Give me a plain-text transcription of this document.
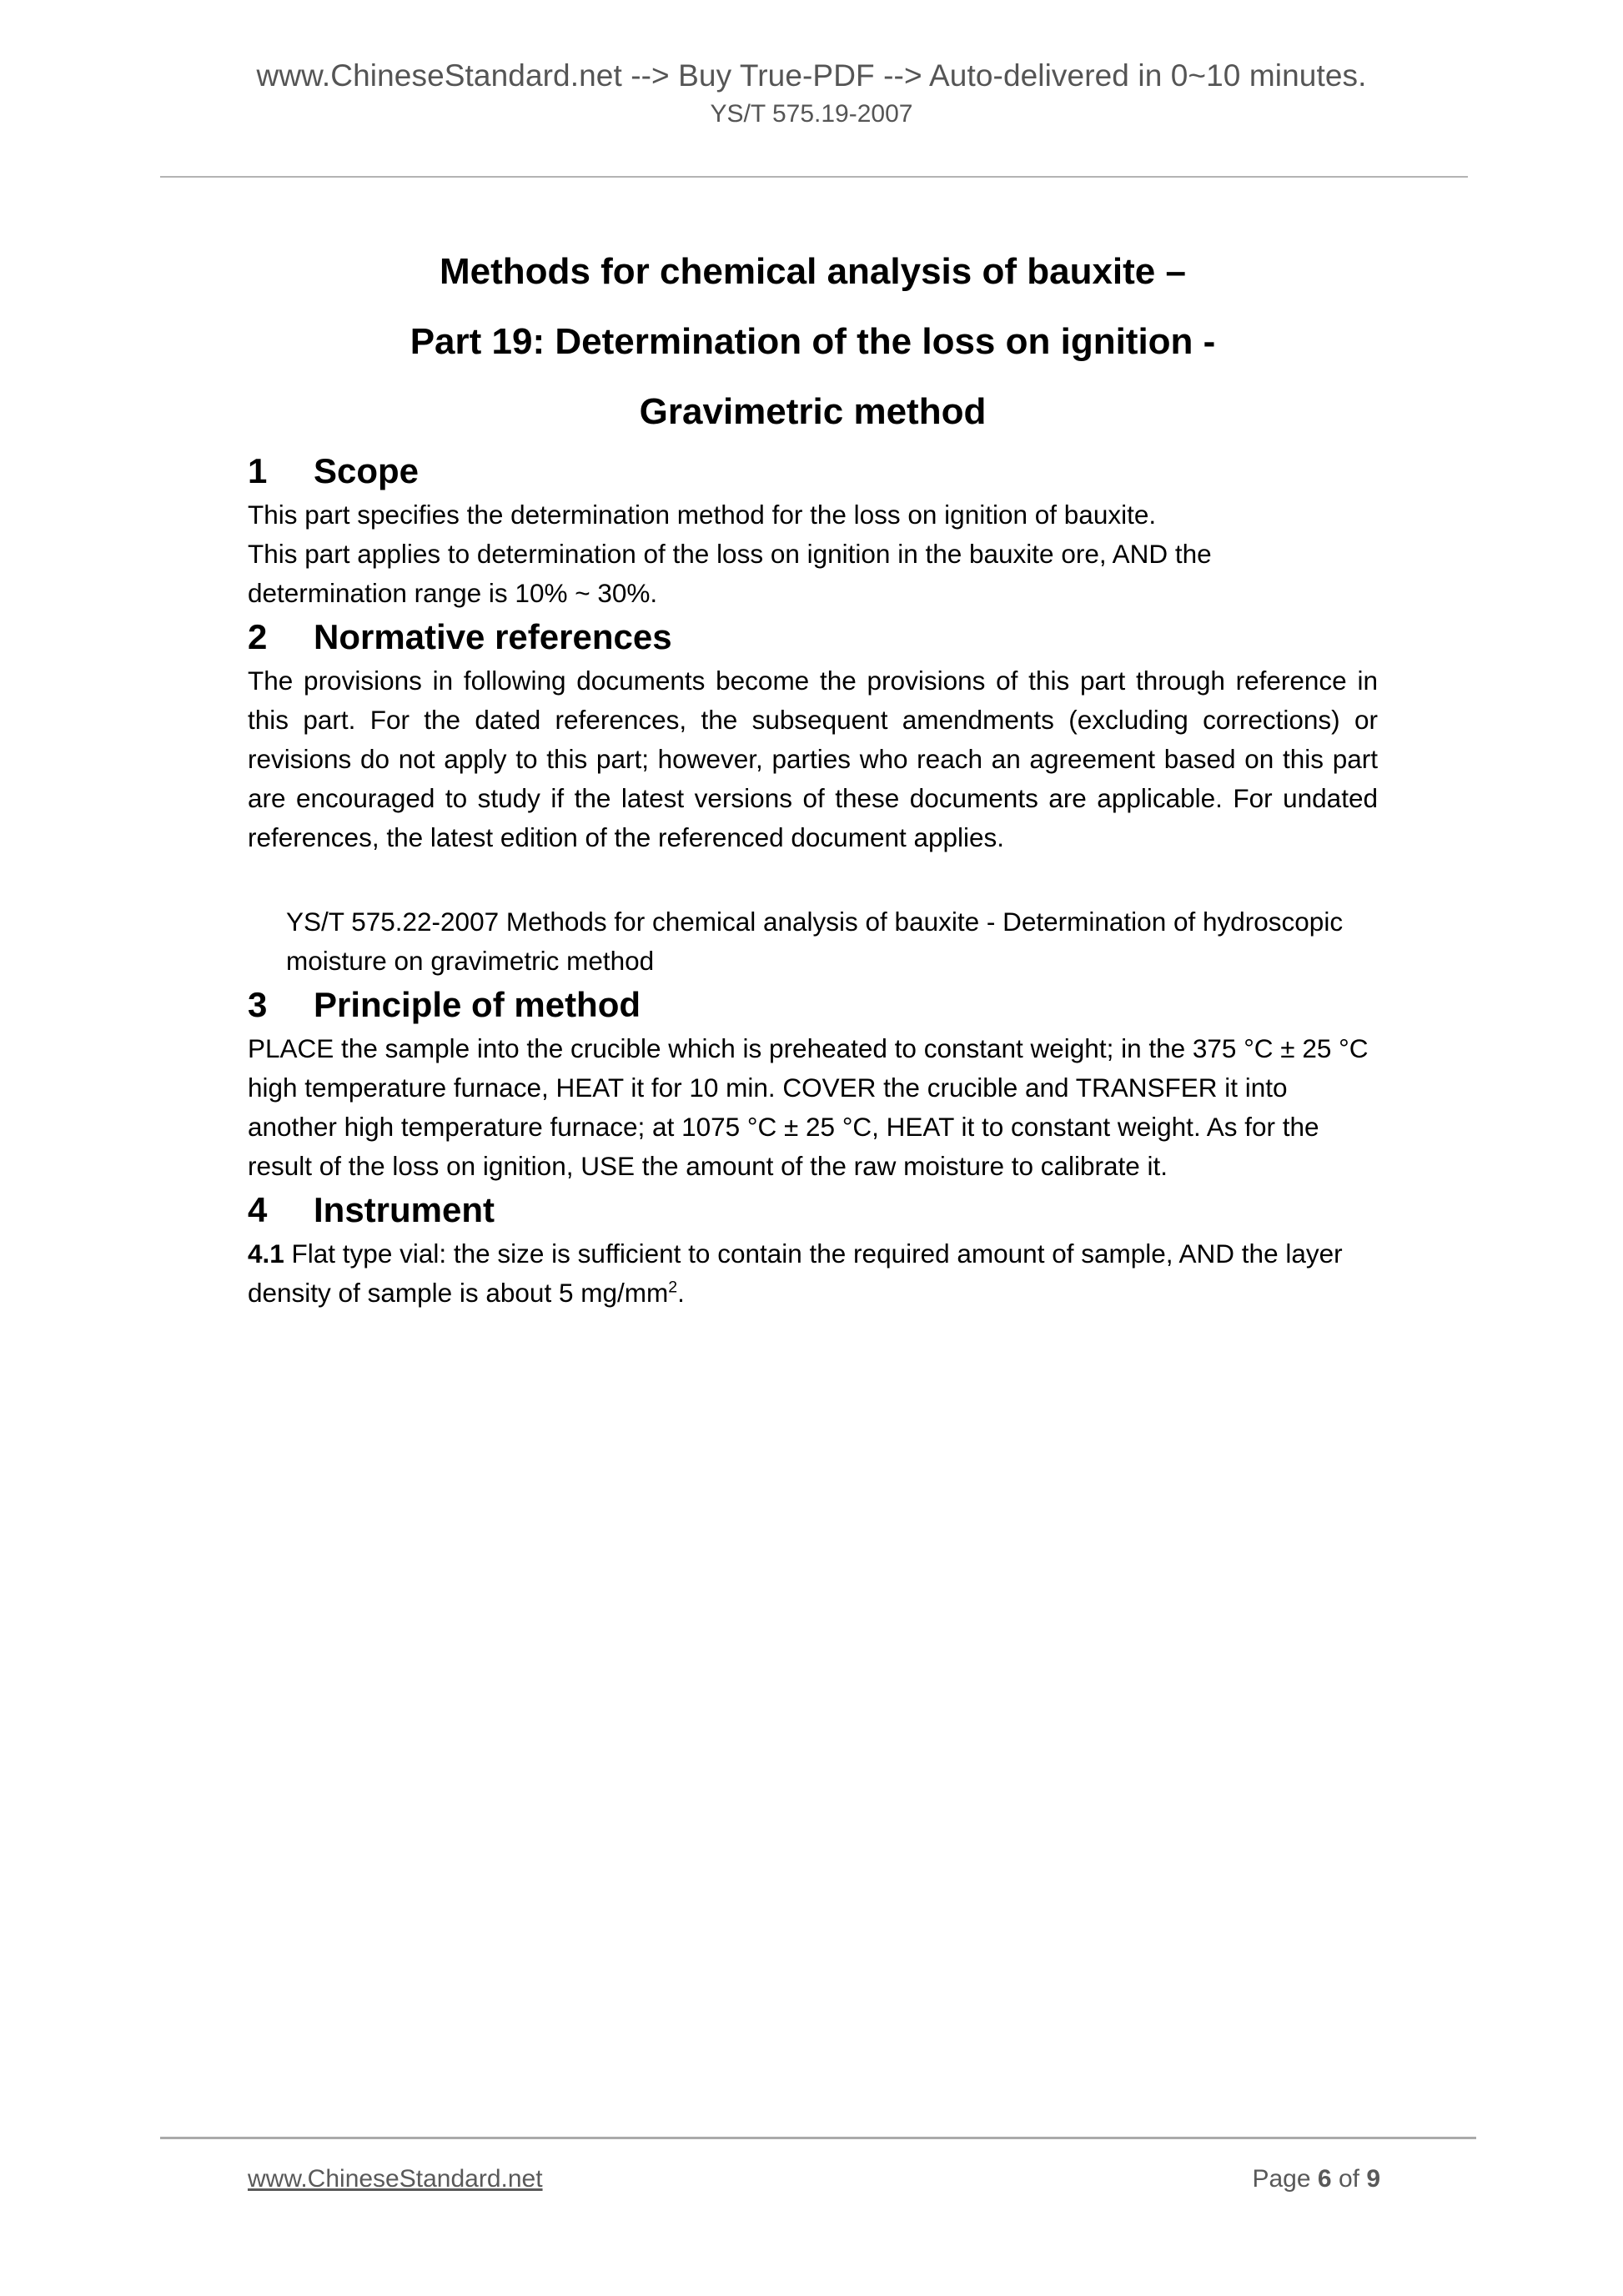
www.ChineseStandard.net --> Buy True-PDF --> Auto-delivered in 0~10 minutes.
YS/T 575.19-2007
Methods for chemical analysis of bauxite –
Part 19: Determination of the loss on ignition -
Gravimetric method
1	Scope

This part specifies the determination method for the loss on ignition of bauxite.

This part applies to determination of the loss on ignition in the bauxite ore, AND the determination range is 10% ~ 30%.

2	Normative references

The provisions in following documents become the provisions of this part through reference in this part. For the dated references, the subsequent amendments (excluding corrections) or revisions do not apply to this part; however, parties who reach an agreement based on this part are encouraged to study if the latest versions of these documents are applicable. For undated references, the latest edition of the referenced document applies.

YS/T 575.22-2007 Methods for chemical analysis of bauxite - Determination of hydroscopic moisture on gravimetric method

3	Principle of method

PLACE the sample into the crucible which is preheated to constant weight; in the 375 °C ± 25 °C high temperature furnace, HEAT it for 10 min. COVER the crucible and TRANSFER it into another high temperature furnace; at 1075 °C ± 25 °C, HEAT it to constant weight. As for the result of the loss on ignition, USE the amount of the raw moisture to calibrate it.

4	Instrument

4.1 Flat type vial: the size is sufficient to contain the required amount of sample, AND the layer density of sample is about 5 $mg/mm^2$.

www.ChineseStandard.net	Page 6 of 9
